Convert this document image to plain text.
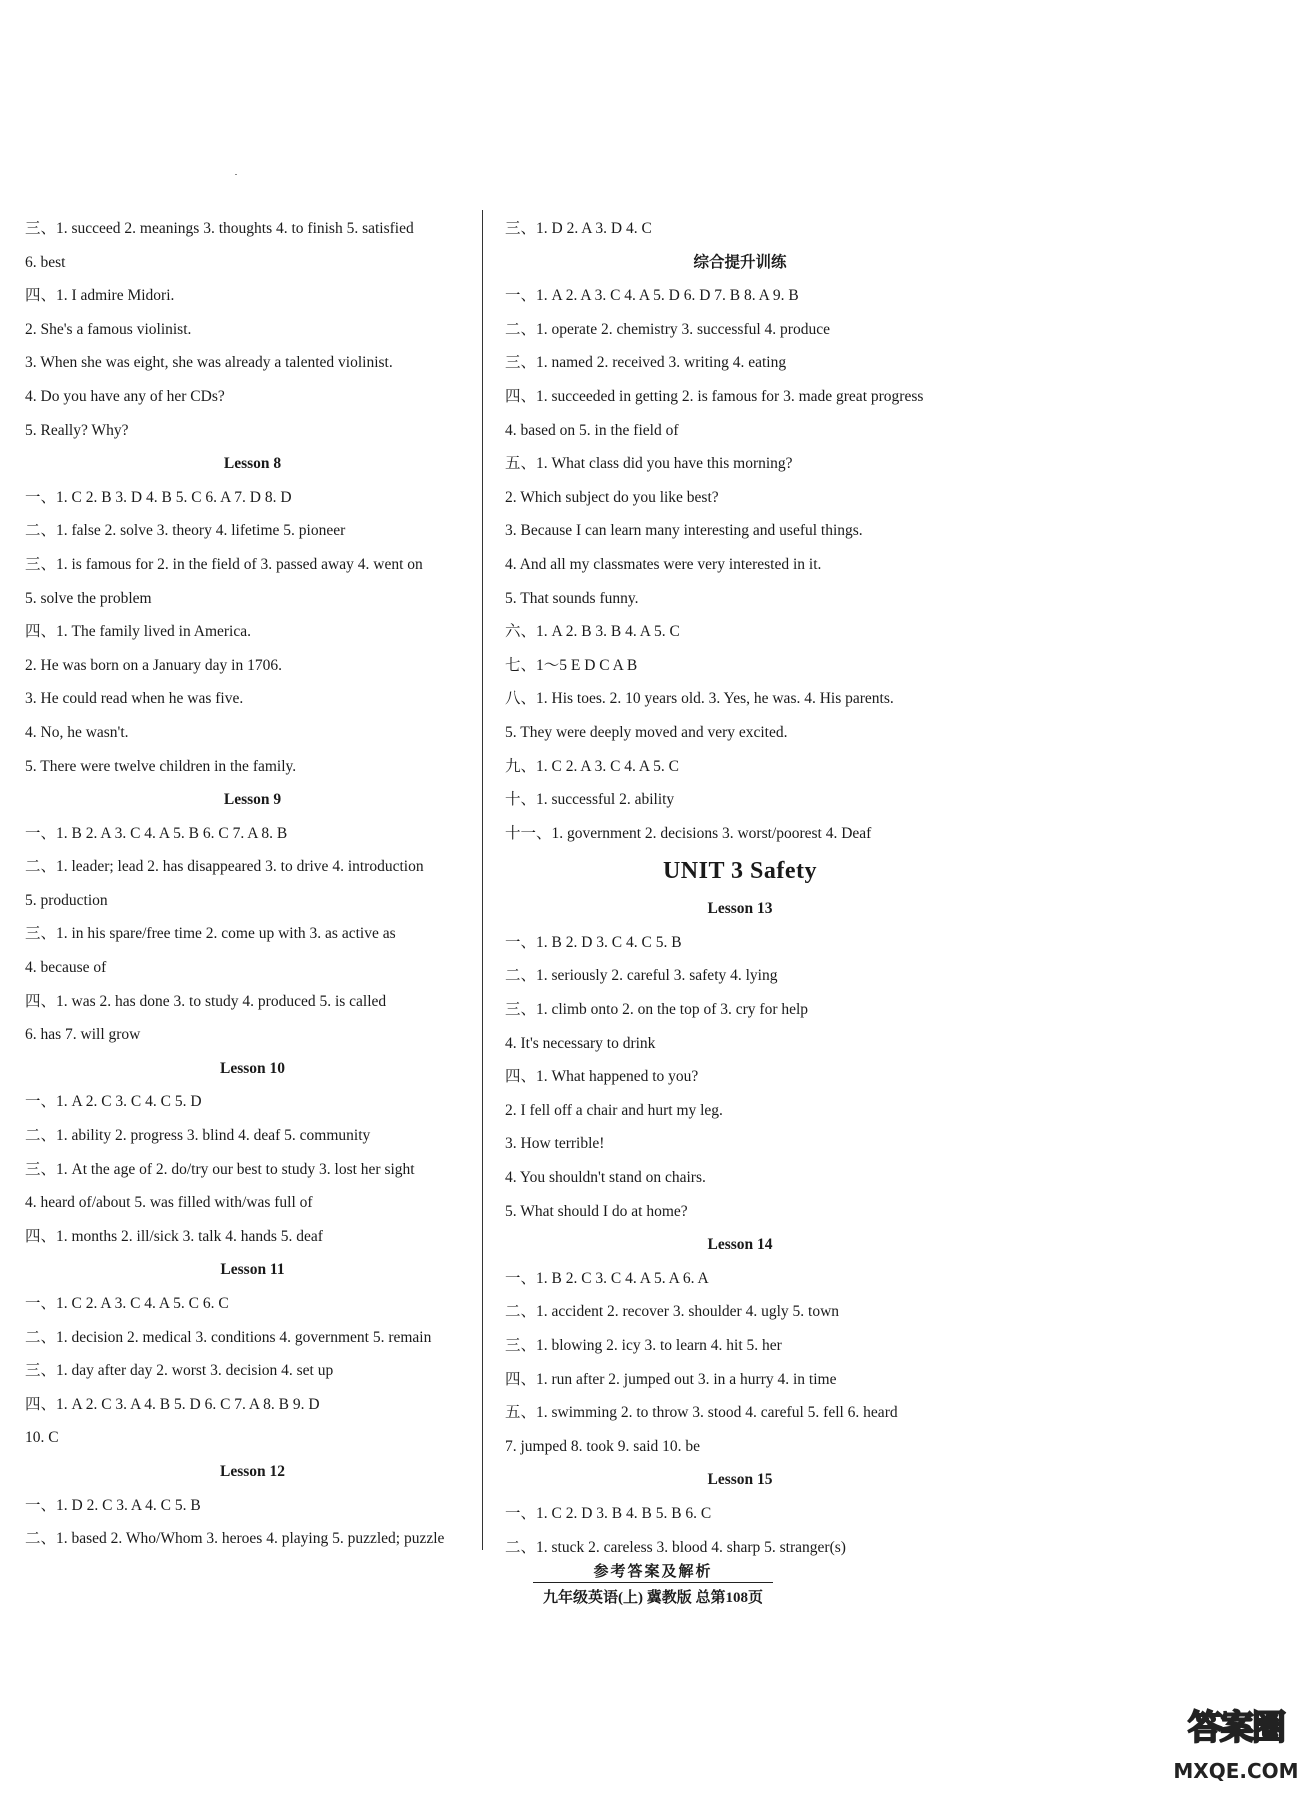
三、1. succeed 2. meanings 3. thoughts 4. to finish 5. satisfied
6. best
四、1. I admire Midori.
2. She's a famous violinist.
3. When she was eight, she was already a talented violinist.
4. Do you have any of her CDs?
5. Really? Why?
Lesson 8
一、1. C 2. B 3. D 4. B 5. C 6. A 7. D 8. D
二、1. false 2. solve 3. theory 4. lifetime 5. pioneer
三、1. is famous for 2. in the field of 3. passed away 4. went on
5. solve the problem
四、1. The family lived in America.
2. He was born on a January day in 1706.
3. He could read when he was five.
4. No, he wasn't.
5. There were twelve children in the family.
Lesson 9
一、1. B 2. A 3. C 4. A 5. B 6. C 7. A 8. B
二、1. leader; lead 2. has disappeared 3. to drive 4. introduction
5. production
三、1. in his spare/free time 2. come up with 3. as active as
4. because of
四、1. was 2. has done 3. to study 4. produced 5. is called
6. has 7. will grow
Lesson 10
一、1. A 2. C 3. C 4. C 5. D
二、1. ability 2. progress 3. blind 4. deaf 5. community
三、1. At the age of 2. do/try our best to study 3. lost her sight
4. heard of/about 5. was filled with/was full of
四、1. months 2. ill/sick 3. talk 4. hands 5. deaf
Lesson 11
一、1. C 2. A 3. C 4. A 5. C 6. C
二、1. decision 2. medical 3. conditions 4. government 5. remain
三、1. day after day 2. worst 3. decision 4. set up
四、1. A 2. C 3. A 4. B 5. D 6. C 7. A 8. B 9. D
10. C
Lesson 12
一、1. D 2. C 3. A 4. C 5. B
二、1. based 2. Who/Whom 3. heroes 4. playing 5. puzzled; puzzle
三、1. D 2. A 3. D 4. C
综合提升训练
一、1. A 2. A 3. C 4. A 5. D 6. D 7. B 8. A 9. B
二、1. operate 2. chemistry 3. successful 4. produce
三、1. named 2. received 3. writing 4. eating
四、1. succeeded in getting 2. is famous for 3. made great progress
4. based on 5. in the field of
五、1. What class did you have this morning?
2. Which subject do you like best?
3. Because I can learn many interesting and useful things.
4. And all my classmates were very interested in it.
5. That sounds funny.
六、1. A 2. B 3. B 4. A 5. C
七、1～5 E D C A B
八、1. His toes. 2. 10 years old. 3. Yes, he was. 4. His parents.
5. They were deeply moved and very excited.
九、1. C 2. A 3. C 4. A 5. C
十、1. successful 2. ability
十一、1. government 2. decisions 3. worst/poorest 4. Deaf
UNIT 3 Safety
Lesson 13
一、1. B 2. D 3. C 4. C 5. B
二、1. seriously 2. careful 3. safety 4. lying
三、1. climb onto 2. on the top of 3. cry for help
4. It's necessary to drink
四、1. What happened to you?
2. I fell off a chair and hurt my leg.
3. How terrible!
4. You shouldn't stand on chairs.
5. What should I do at home?
Lesson 14
一、1. B 2. C 3. C 4. A 5. A 6. A
二、1. accident 2. recover 3. shoulder 4. ugly 5. town
三、1. blowing 2. icy 3. to learn 4. hit 5. her
四、1. run after 2. jumped out 3. in a hurry 4. in time
五、1. swimming 2. to throw 3. stood 4. careful 5. fell 6. heard
7. jumped 8. took 9. said 10. be
Lesson 15
一、1. C 2. D 3. B 4. B 5. B 6. C
二、1. stuck 2. careless 3. blood 4. sharp 5. stranger(s)
参考答案及解析
九年级英语(上) 冀教版 总第108页
答案圈
MXQE.COM
